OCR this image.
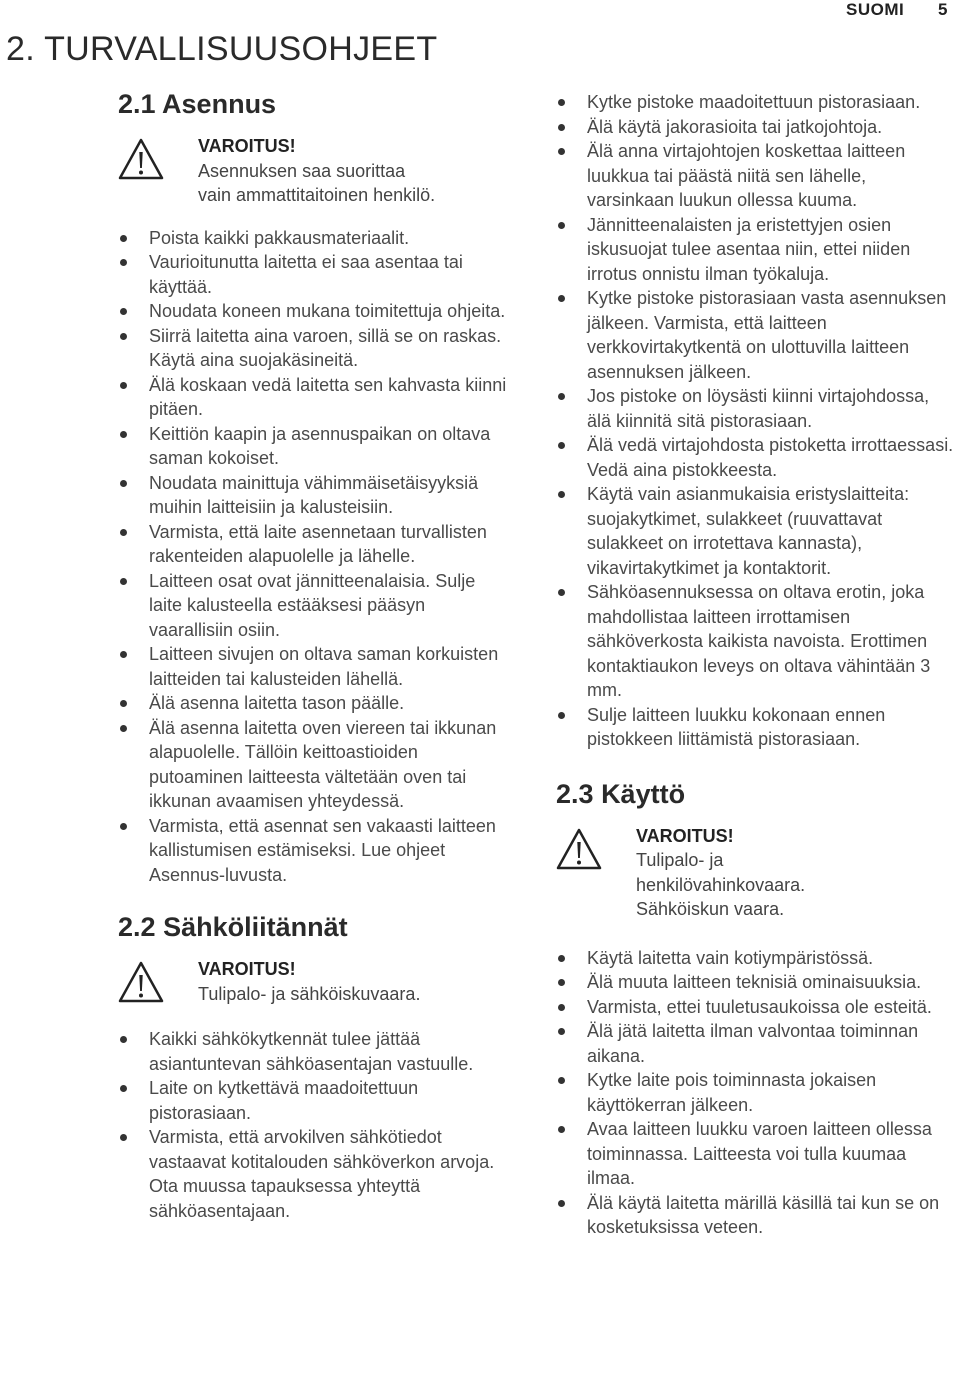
SUOMI 5
2. TURVALLISUUSOHJEET
2.1 Asennus
VAROITUS!
Asennuksen saa suorittaa
vain ammattitaitoinen henkilö.
Poista kaikki pakkausmateriaalit.
Vaurioitunutta laitetta ei saa asentaa tai käyttää.
Noudata koneen mukana toimitettuja ohjeita.
Siirrä laitetta aina varoen, sillä se on raskas. Käytä aina suojakäsineitä.
Älä koskaan vedä laitetta sen kahvasta kiinni pitäen.
Keittiön kaapin ja asennuspaikan on oltava saman kokoiset.
Noudata mainittuja vähimmäisetäisyyksiä muihin laitteisiin ja kalusteisiin.
Varmista, että laite asennetaan turvallisten rakenteiden alapuolelle ja lähelle.
Laitteen osat ovat jännitteenalaisia. Sulje laite kalusteella estääksesi pääsyn vaarallisiin osiin.
Laitteen sivujen on oltava saman korkuisten laitteiden tai kalusteiden lähellä.
Älä asenna laitetta tason päälle.
Älä asenna laitetta oven viereen tai ikkunan alapuolelle. Tällöin keittoastioiden putoaminen laitteesta vältetään oven tai ikkunan avaamisen yhteydessä.
Varmista, että asennat sen vakaasti laitteen kallistumisen estämiseksi. Lue ohjeet Asennus-luvusta.
2.2 Sähköliitännät
VAROITUS!
Tulipalo- ja sähköiskuvaara.
Kaikki sähkökytkennät tulee jättää asiantuntevan sähköasentajan vastuulle.
Laite on kytkettävä maadoitettuun pistorasiaan.
Varmista, että arvokilven sähkötiedot vastaavat kotitalouden sähköverkon arvoja. Ota muussa tapauksessa yhteyttä sähköasentajaan.
Kytke pistoke maadoitettuun pistorasiaan.
Älä käytä jakorasioita tai jatkojohtoja.
Älä anna virtajohtojen koskettaa laitteen luukkua tai päästä niitä sen lähelle, varsinkaan luukun ollessa kuuma.
Jännitteenalaisten ja eristettyjen osien iskusuojat tulee asentaa niin, ettei niiden irrotus onnistu ilman työkaluja.
Kytke pistoke pistorasiaan vasta asennuksen jälkeen. Varmista, että laitteen verkkovirtakytkentä on ulottuvilla laitteen asennuksen jälkeen.
Jos pistoke on löysästi kiinni virtajohdossa, älä kiinnitä sitä pistorasiaan.
Älä vedä virtajohdosta pistoketta irrottaessasi. Vedä aina pistokkeesta.
Käytä vain asianmukaisia eristyslaitteita: suojakytkimet, sulakkeet (ruuvattavat sulakkeet on irrotettava kannasta), vikavirtakytkimet ja kontaktorit.
Sähköasennuksessa on oltava erotin, joka mahdollistaa laitteen irrottamisen sähköverkosta kaikista navoista. Erottimen kontaktiaukon leveys on oltava vähintään 3 mm.
Sulje laitteen luukku kokonaan ennen pistokkeen liittämistä pistorasiaan.
2.3 Käyttö
VAROITUS!
Tulipalo- ja
henkilövahinkovaara.
Sähköiskun vaara.
Käytä laitetta vain kotiympäristössä.
Älä muuta laitteen teknisiä ominaisuuksia.
Varmista, ettei tuuletusaukoissa ole esteitä.
Älä jätä laitetta ilman valvontaa toiminnan aikana.
Kytke laite pois toiminnasta jokaisen käyttökerran jälkeen.
Avaa laitteen luukku varoen laitteen ollessa toiminnassa. Laitteesta voi tulla kuumaa ilmaa.
Älä käytä laitetta märillä käsillä tai kun se on kosketuksissa veteen.
